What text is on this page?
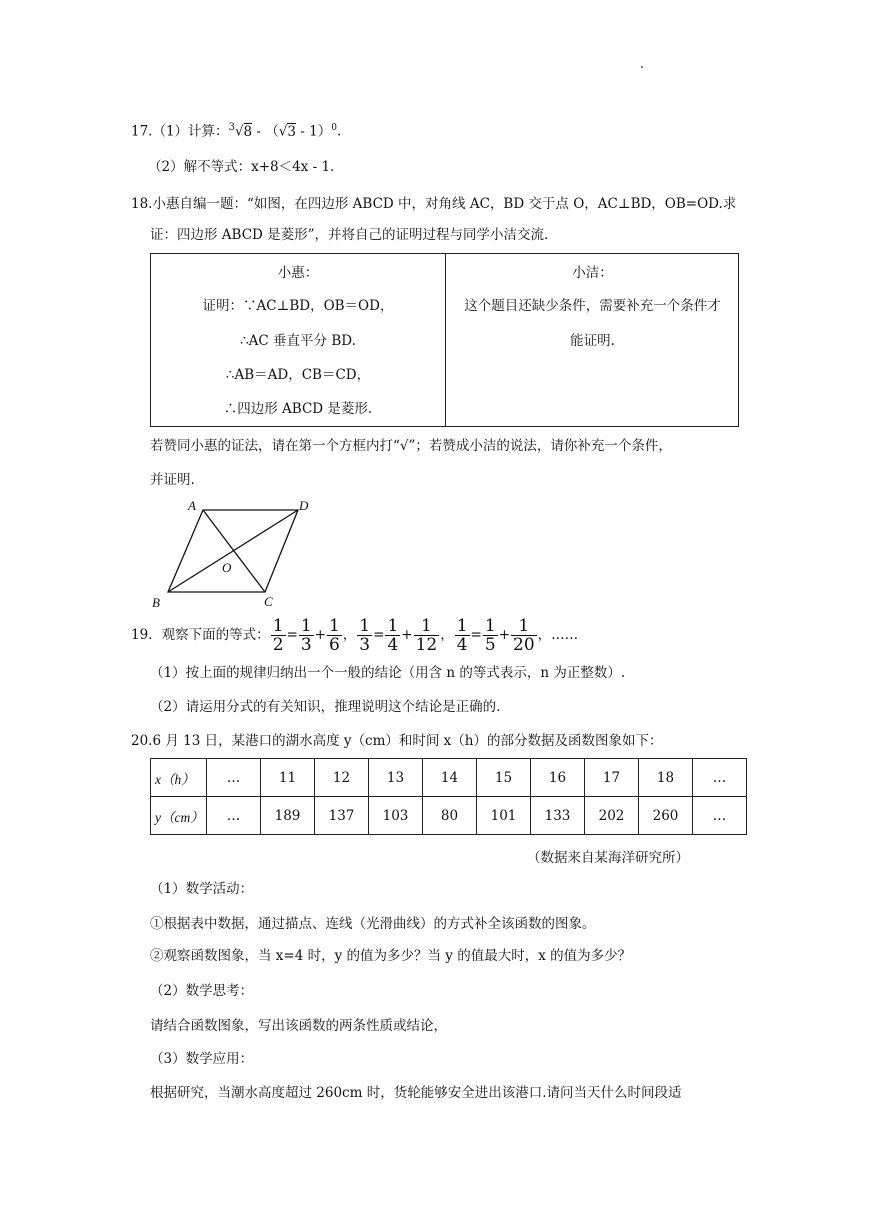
17.（1）计算：$^3$√8 - （√3 - 1）$^0$.
（2）解不等式：x+8＜4x - 1.
18.小惠自编一题：“如图，在四边形 ABCD 中，对角线 AC，BD 交于点 O，AC⊥BD，OB=OD.求
证：四边形 ABCD 是菱形”，并将自己的证明过程与同学小洁交流.
小惠：
证明：∵AC⊥BD，OB＝OD，
∴AC 垂直平分 BD.
∴AB＝AD，CB＝CD，
∴四边形 ABCD 是菱形.
小洁：
这个题目还缺少条件，需要补充一个条件才
能证明.
若赞同小惠的证法，请在第一个方框内打“√”；若赞成小洁的说法，请你补充一个条件，
并证明.
A	D
O
B	C
19．观察下面的等式： $\frac{1}{2} = \frac{1}{3} + \frac{1}{6}$ ， $\frac{1}{3} = \frac{1}{4} + \frac{1}{12}$ ， $\frac{1}{4} = \frac{1}{5} + \frac{1}{20}$ ， ……
（1）按上面的规律归纳出一个一般的结论（用含 n 的等式表示，n 为正整数）.
（2）请运用分式的有关知识，推理说明这个结论是正确的.
20.6 月 13 日，某港口的湖水高度 y（cm）和时间 x（h）的部分数据及函数图象如下：
x（h）	…	11	12	13	14	15	16	17	18	…
y（cm）	…	189	137	103	80	101	133	202	260	…
（数据来自某海洋研究所）
（1）数学活动：
①根据表中数据，通过描点、连线（光滑曲线）的方式补全该函数的图象。
②观察函数图象，当 x=4 时，y 的值为多少？当 y 的值最大时，x 的值为多少？
（2）数学思考：
请结合函数图象，写出该函数的两条性质或结论，
（3）数学应用：
根据研究，当潮水高度超过 260cm 时，货轮能够安全进出该港口.请问当天什么时间段适
